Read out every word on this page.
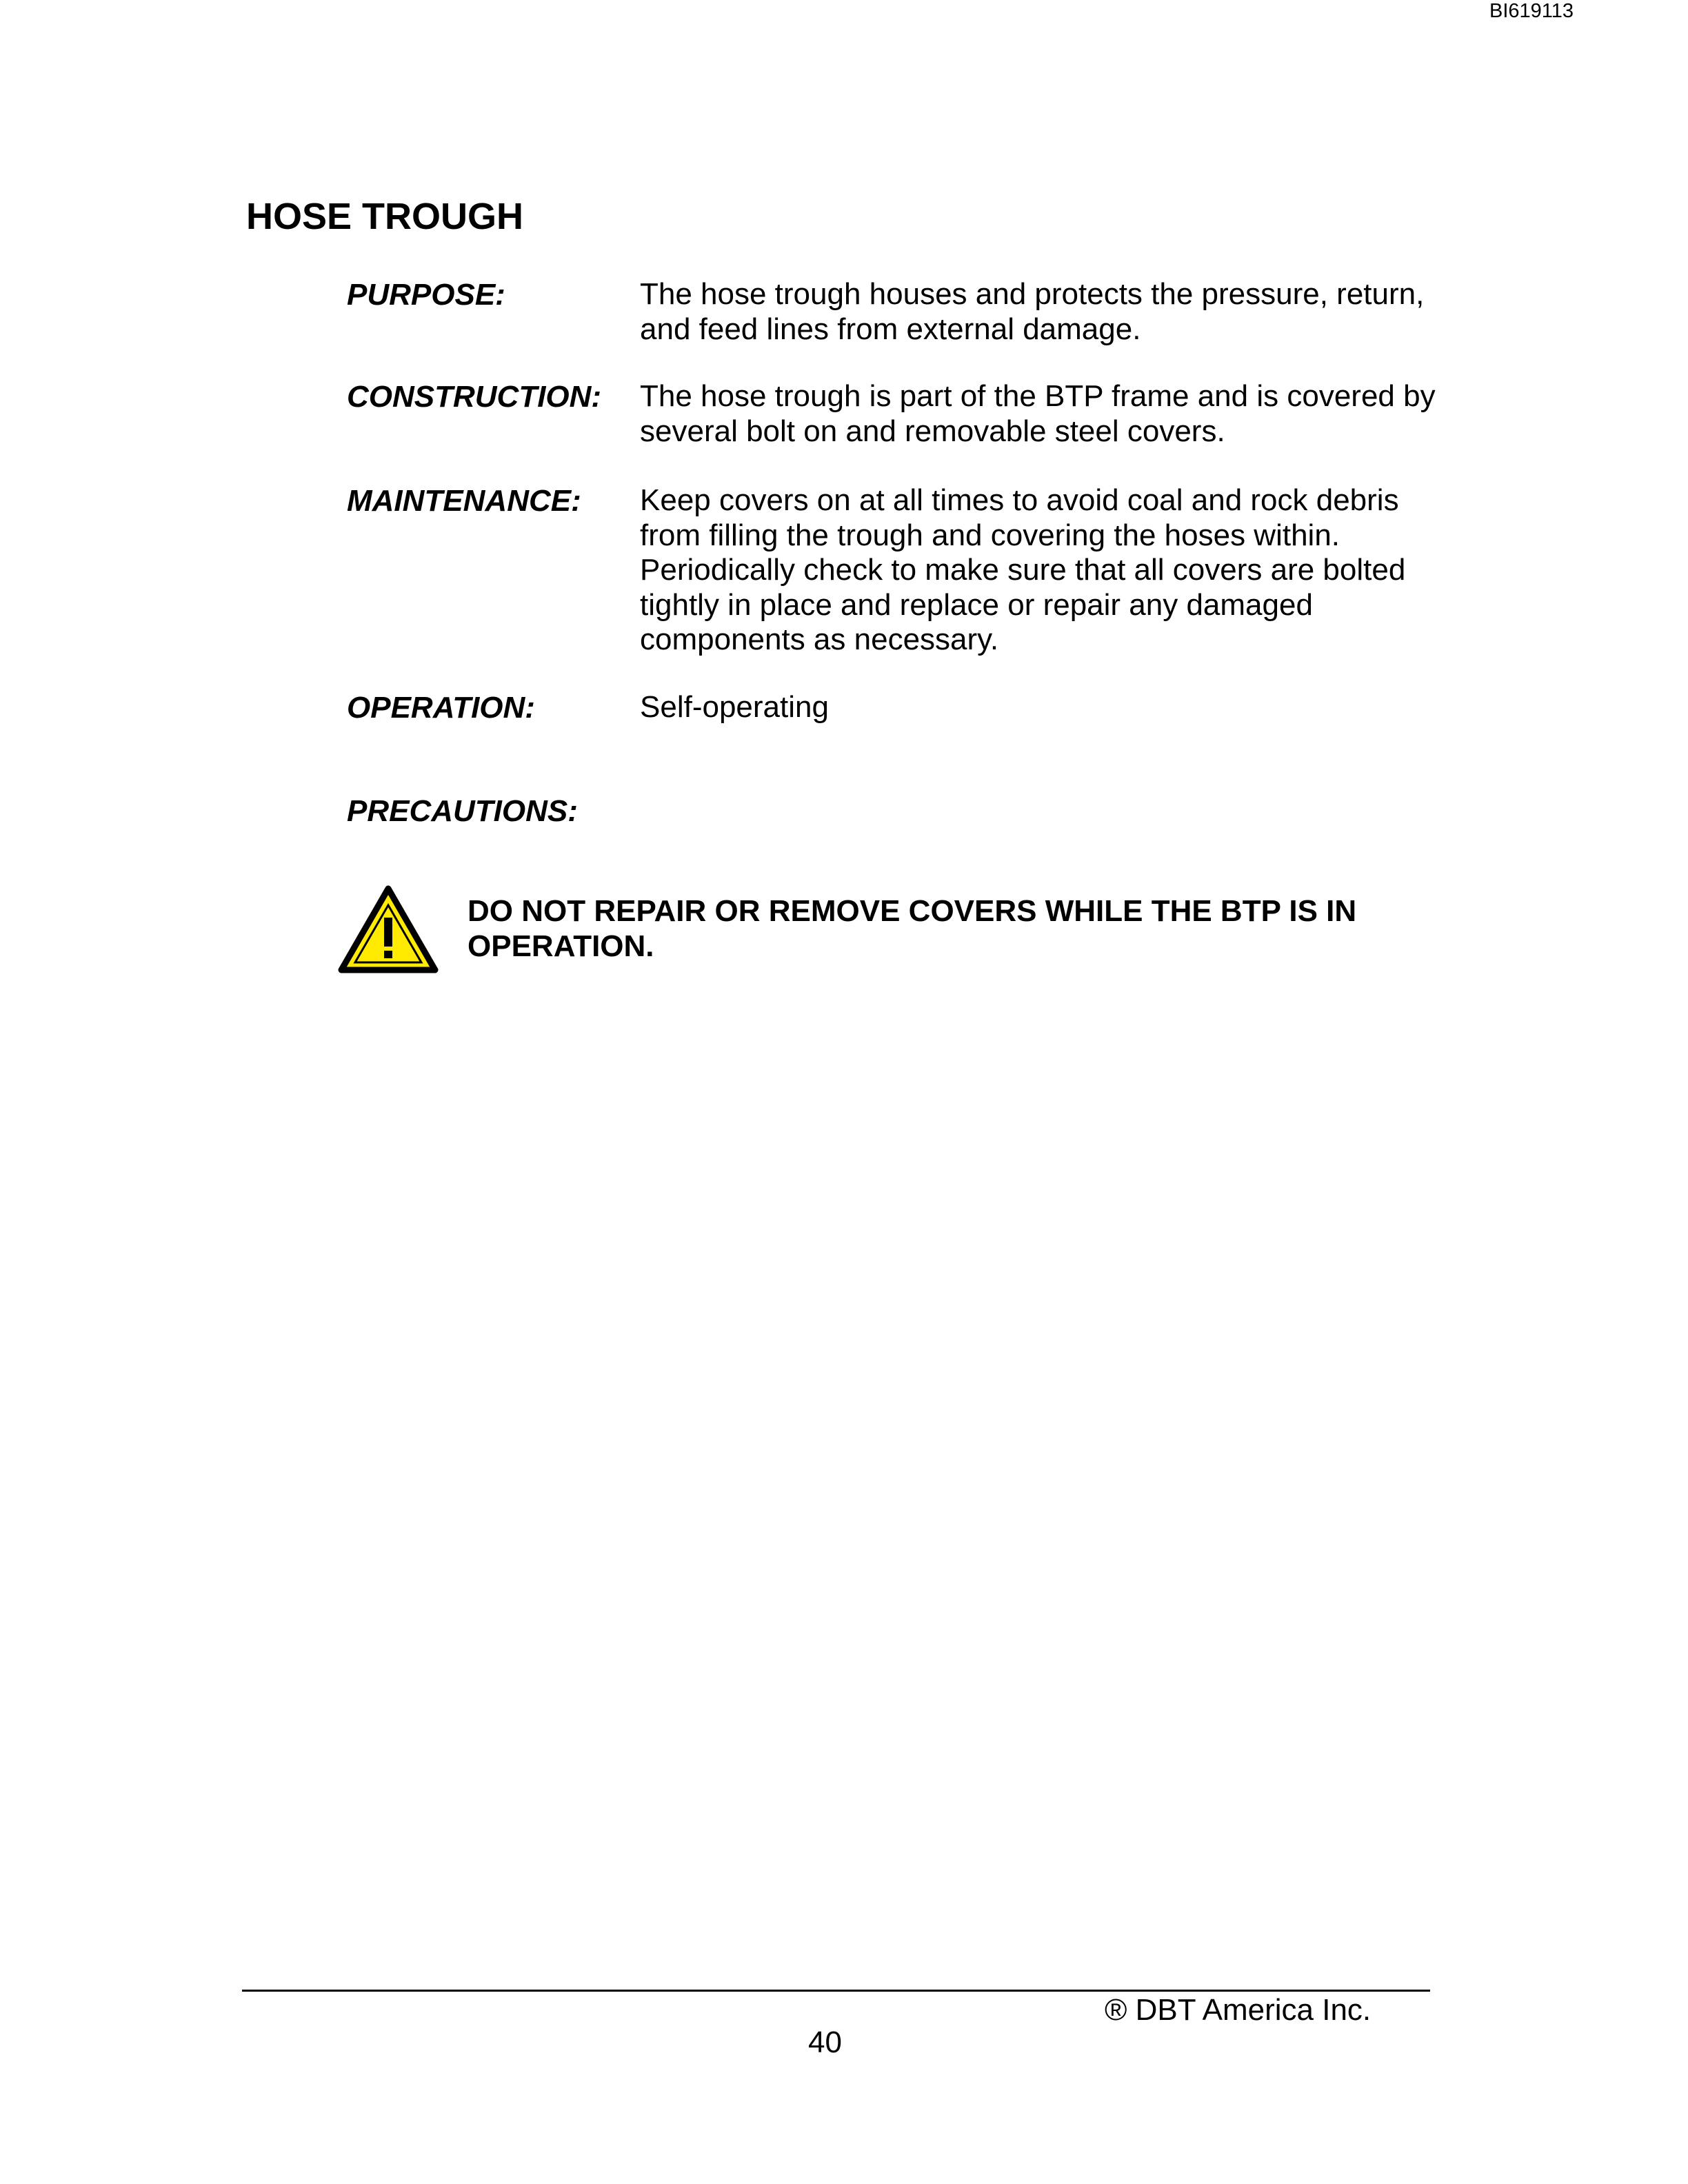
BI619113
HOSE TROUGH
PURPOSE:	The hose trough houses and protects the pressure, return, and feed lines from external damage.
CONSTRUCTION: The hose trough is part of the BTP frame and is covered by several bolt on and removable steel covers.
MAINTENANCE: Keep covers on at all times to avoid coal and rock debris from filling the trough and covering the hoses within. Periodically check to make sure that all covers are bolted tightly in place and replace or repair any damaged components as necessary.
OPERATION:	Self-operating
PRECAUTIONS:
DO NOT REPAIR OR REMOVE COVERS WHILE THE BTP IS IN OPERATION.
® DBT America Inc.
40
